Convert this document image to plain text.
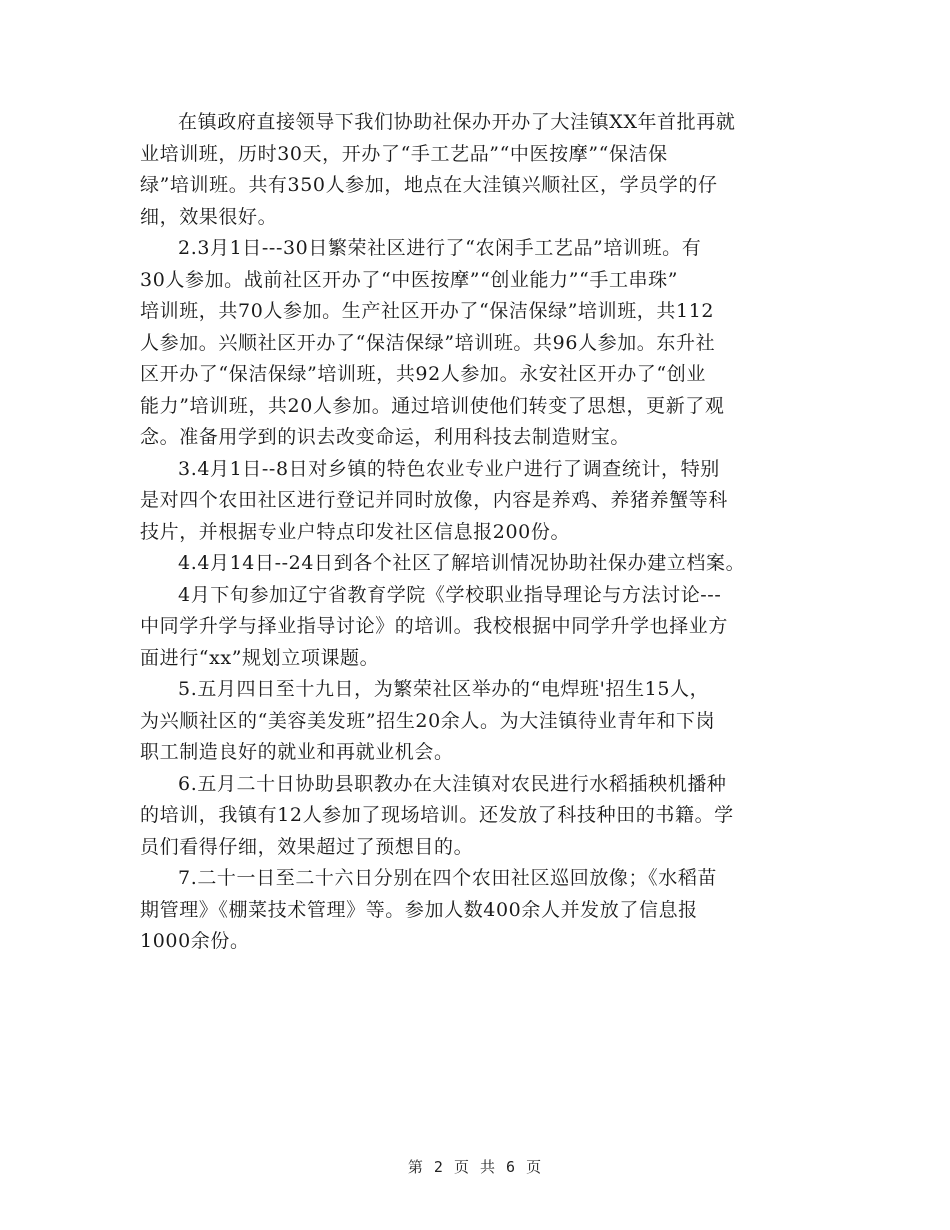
在镇政府直接领导下我们协助社保办开办了大洼镇XX年首批再就
业培训班，历时30天，开办了“手工艺品”“中医按摩”“保洁保
绿”培训班。共有350人参加，地点在大洼镇兴顺社区，学员学的仔
细，效果很好。

2.3月1日---30日繁荣社区进行了“农闲手工艺品”培训班。有
30人参加。战前社区开办了“中医按摩”“创业能力”“手工串珠”
培训班，共70人参加。生产社区开办了“保洁保绿”培训班，共112
人参加。兴顺社区开办了“保洁保绿”培训班。共96人参加。东升社
区开办了“保洁保绿”培训班，共92人参加。永安社区开办了“创业
能力”培训班，共20人参加。通过培训使他们转变了思想，更新了观
念。准备用学到的识去改变命运，利用科技去制造财宝。

3.4月1日--8日对乡镇的特色农业专业户进行了调查统计，特别
是对四个农田社区进行登记并同时放像，内容是养鸡、养猪养蟹等科
技片，并根据专业户特点印发社区信息报200份。

4.4月14日--24日到各个社区了解培训情况协助社保办建立档案。

4月下旬参加辽宁省教育学院《学校职业指导理论与方法讨论---
中同学升学与择业指导讨论》的培训。我校根据中同学升学也择业方
面进行“xx”规划立项课题。

5.五月四日至十九日，为繁荣社区举办的“电焊班'招生15人，
为兴顺社区的“美容美发班”招生20余人。为大洼镇待业青年和下岗
职工制造良好的就业和再就业机会。

6.五月二十日协助县职教办在大洼镇对农民进行水稻插秧机播种
的培训，我镇有12人参加了现场培训。还发放了科技种田的书籍。学
员们看得仔细，效果超过了预想目的。

7.二十一日至二十六日分别在四个农田社区巡回放像；《水稻苗
期管理》《棚菜技术管理》等。参加人数400余人并发放了信息报
1000余份。

第 2 页 共 6 页
